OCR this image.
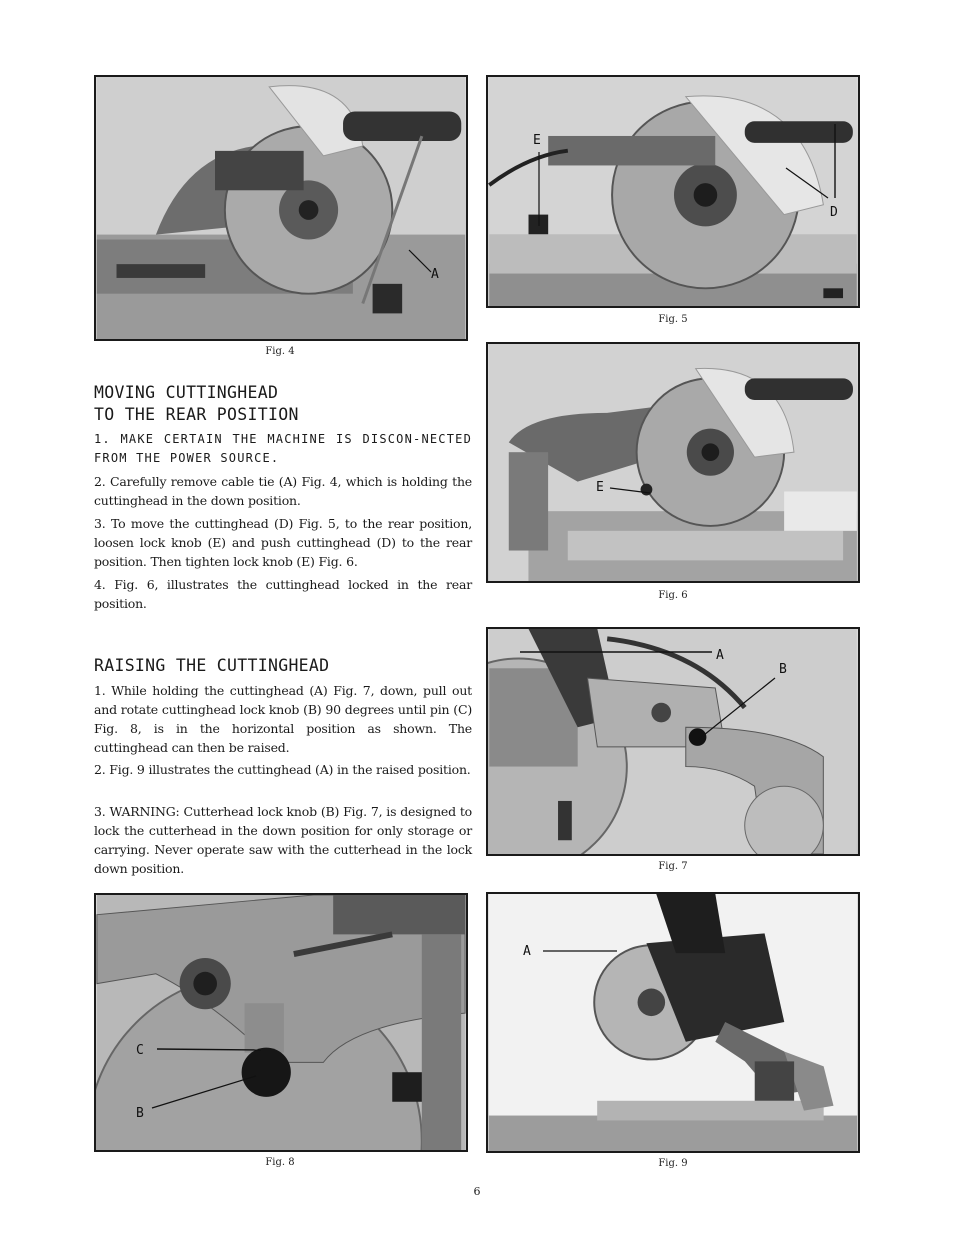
A
Fig. 4
E
D
Fig. 5
E
Fig. 6
MOVING CUTTINGHEAD
TO THE REAR POSITION

1. MAKE CERTAIN THE MACHINE IS DISCON-NECTED FROM THE POWER SOURCE.

2. Carefully remove cable tie (A) Fig. 4, which is holding the cuttinghead in the down position.

3. To move the cuttinghead (D) Fig. 5, to the rear position, loosen lock knob (E) and push cuttinghead (D) to the rear position. Then tighten lock knob (E) Fig. 6.

4. Fig. 6, illustrates the cuttinghead locked in the rear position.

A
B
Fig. 7
RAISING THE CUTTINGHEAD

1. While holding the cuttinghead (A) Fig. 7, down, pull out and rotate cuttinghead lock knob (B) 90 degrees until pin (C) Fig. 8, is in the horizontal position as shown. The cuttinghead can then be raised.

2. Fig. 9 illustrates the cuttinghead (A) in the raised position.

3. WARNING: Cutterhead lock knob (B) Fig. 7, is designed to lock the cutterhead in the down position for only storage or carrying. Never operate saw with the cutterhead in the lock down position.

C
B
Fig. 8
A
Fig. 9
6
